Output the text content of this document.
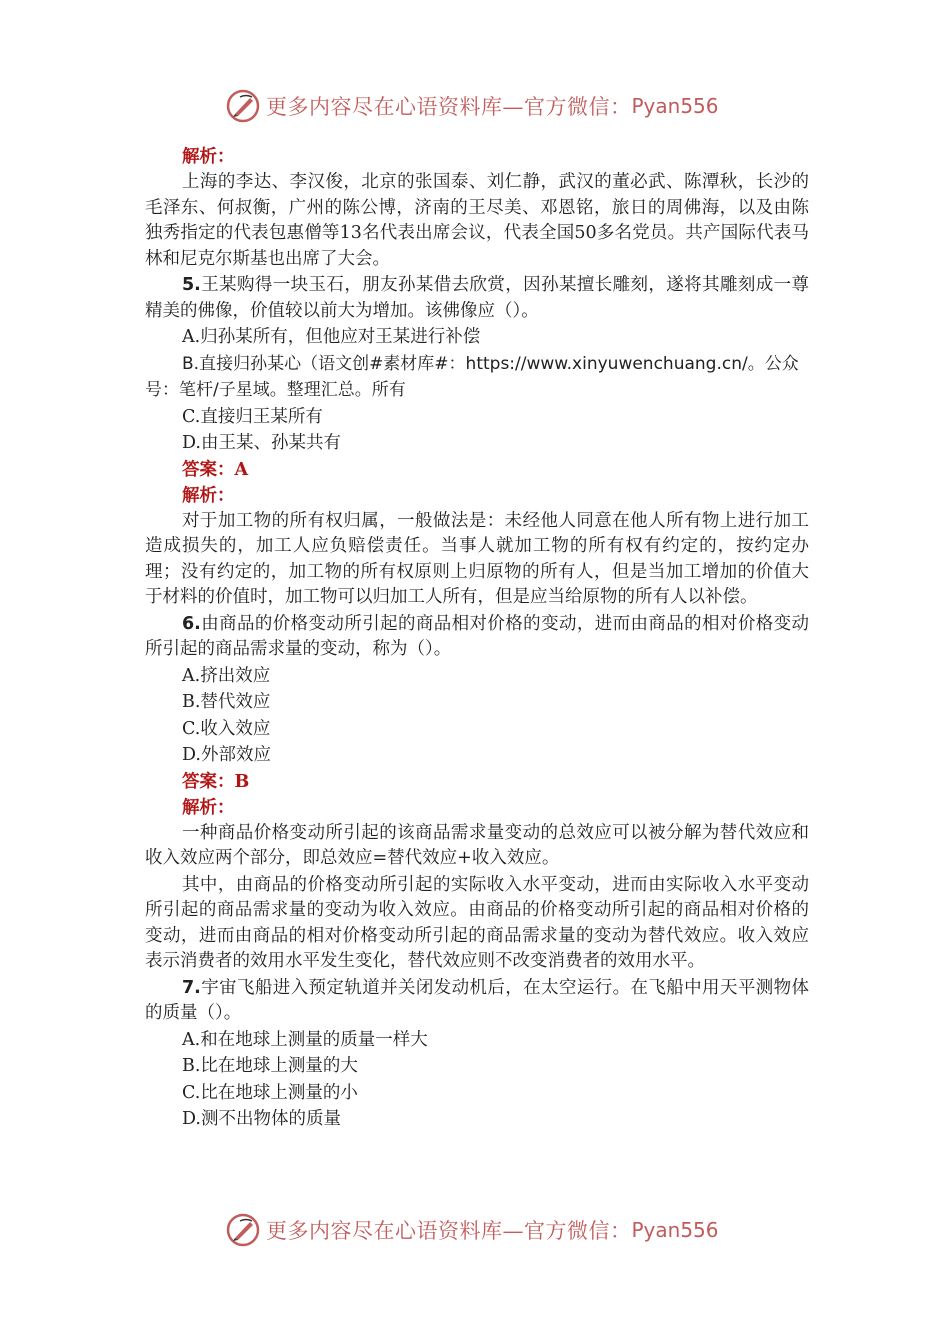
更多内容尽在心语资料库—官方微信： Pyan556

解析：

上海的李达、李汉俊，北京的张国泰、刘仁静，武汉的董必武、陈潭秋，长沙的毛泽东、何叔衡，广州的陈公博，济南的王尽美、邓恩铭，旅日的周佛海，以及由陈独秀指定的代表包惠僧等13名代表出席会议，代表全国50多名党员。共产国际代表马林和尼克尔斯基也出席了大会。

5.王某购得一块玉石，朋友孙某借去欣赏，因孙某擅长雕刻，遂将其雕刻成一尊精美的佛像，价值较以前大为增加。该佛像应（）。

A.归孙某所有，但他应对王某进行补偿

B.直接归孙某心（语文创#素材库#：https://www.xinyuwenchuang.cn/。公众号：笔杆/子星域。整理汇总。所有

C.直接归王某所有

D.由王某、孙某共有

答案：A

解析：

对于加工物的所有权归属，一般做法是：未经他人同意在他人所有物上进行加工造成损失的，加工人应负赔偿责任。当事人就加工物的所有权有约定的，按约定办理；没有约定的，加工物的所有权原则上归原物的所有人，但是当加工增加的价值大于材料的价值时，加工物可以归加工人所有，但是应当给原物的所有人以补偿。

6.由商品的价格变动所引起的商品相对价格的变动，进而由商品的相对价格变动所引起的商品需求量的变动，称为（）。

A.挤出效应

B.替代效应

C.收入效应

D.外部效应

答案：B

解析：

一种商品价格变动所引起的该商品需求量变动的总效应可以被分解为替代效应和收入效应两个部分，即总效应=替代效应+收入效应。

其中，由商品的价格变动所引起的实际收入水平变动，进而由实际收入水平变动所引起的商品需求量的变动为收入效应。由商品的价格变动所引起的商品相对价格的变动，进而由商品的相对价格变动所引起的商品需求量的变动为替代效应。收入效应表示消费者的效用水平发生变化，替代效应则不改变消费者的效用水平。

7.宇宙飞船进入预定轨道并关闭发动机后，在太空运行。在飞船中用天平测物体的质量（）。

A.和在地球上测量的质量一样大

B.比在地球上测量的大

C.比在地球上测量的小

D.测不出物体的质量

更多内容尽在心语资料库—官方微信： Pyan556
